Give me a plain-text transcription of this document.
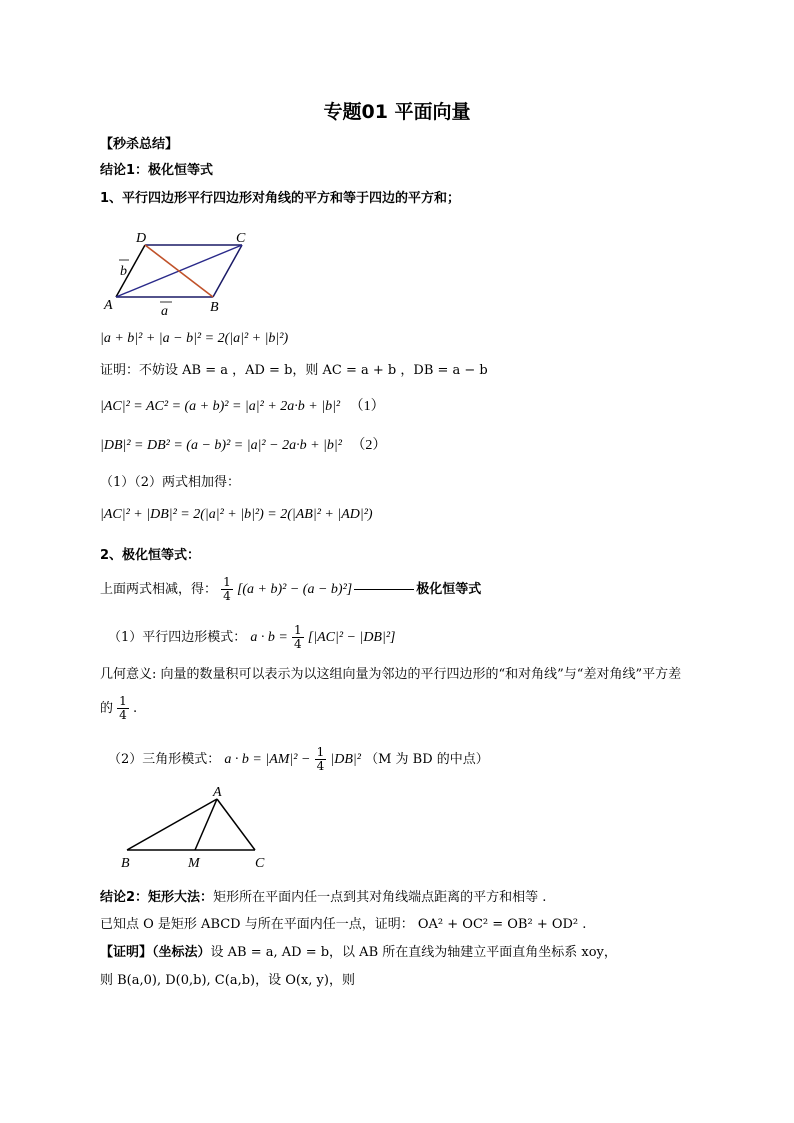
专题01 平面向量
【秒杀总结】
结论1：极化恒等式
1、平行四边形平行四边形对角线的平方和等于四边的平方和；
A	B
C
D
a
b
|a + b|² + |a − b|² = 2(|a|² + |b|²)
证明：不妨设 AB = a ，AD = b，则 AC = a + b ，DB = a − b
|AC|² = AC² = (a + b)² = |a|² + 2a·b + |b|² （1）
|DB|² = DB² = (a − b)² = |a|² − 2a·b + |b|² （2）
（1）（2）两式相加得：
|AC|² + |DB|² = 2(|a|² + |b|²) = 2(|AB|² + |AD|²)
2、极化恒等式：
上面两式相减，得： $\frac{1}{4} [(a + b)^2 - (a - b)^2]$	极化恒等式
（1）平行四边形模式： $a \cdot b = \frac{1}{4} [|AC|^2 - |DB|^2]$
几何意义: 向量的数量积可以表示为以这组向量为邻边的平行四边形的“和对角线”与“差对角线”平方差
的 $\frac{1}{4}$ .
（2）三角形模式： $a \cdot b = |AM|^2 - \frac{1}{4} |DB|^2$ （M 为 BD 的中点）
A
B	M	C
结论2：矩形大法：矩形所在平面内任一点到其对角线端点距离的平方和相等 .
已知点 O 是矩形 ABCD 与所在平面内任一点，证明： OA² + OC² = OB² + OD² .
【证明】（坐标法）设 AB = a, AD = b，以 AB 所在直线为轴建立平面直角坐标系 xoy，
则 B(a,0), D(0,b), C(a,b)，设 O(x, y)，则
